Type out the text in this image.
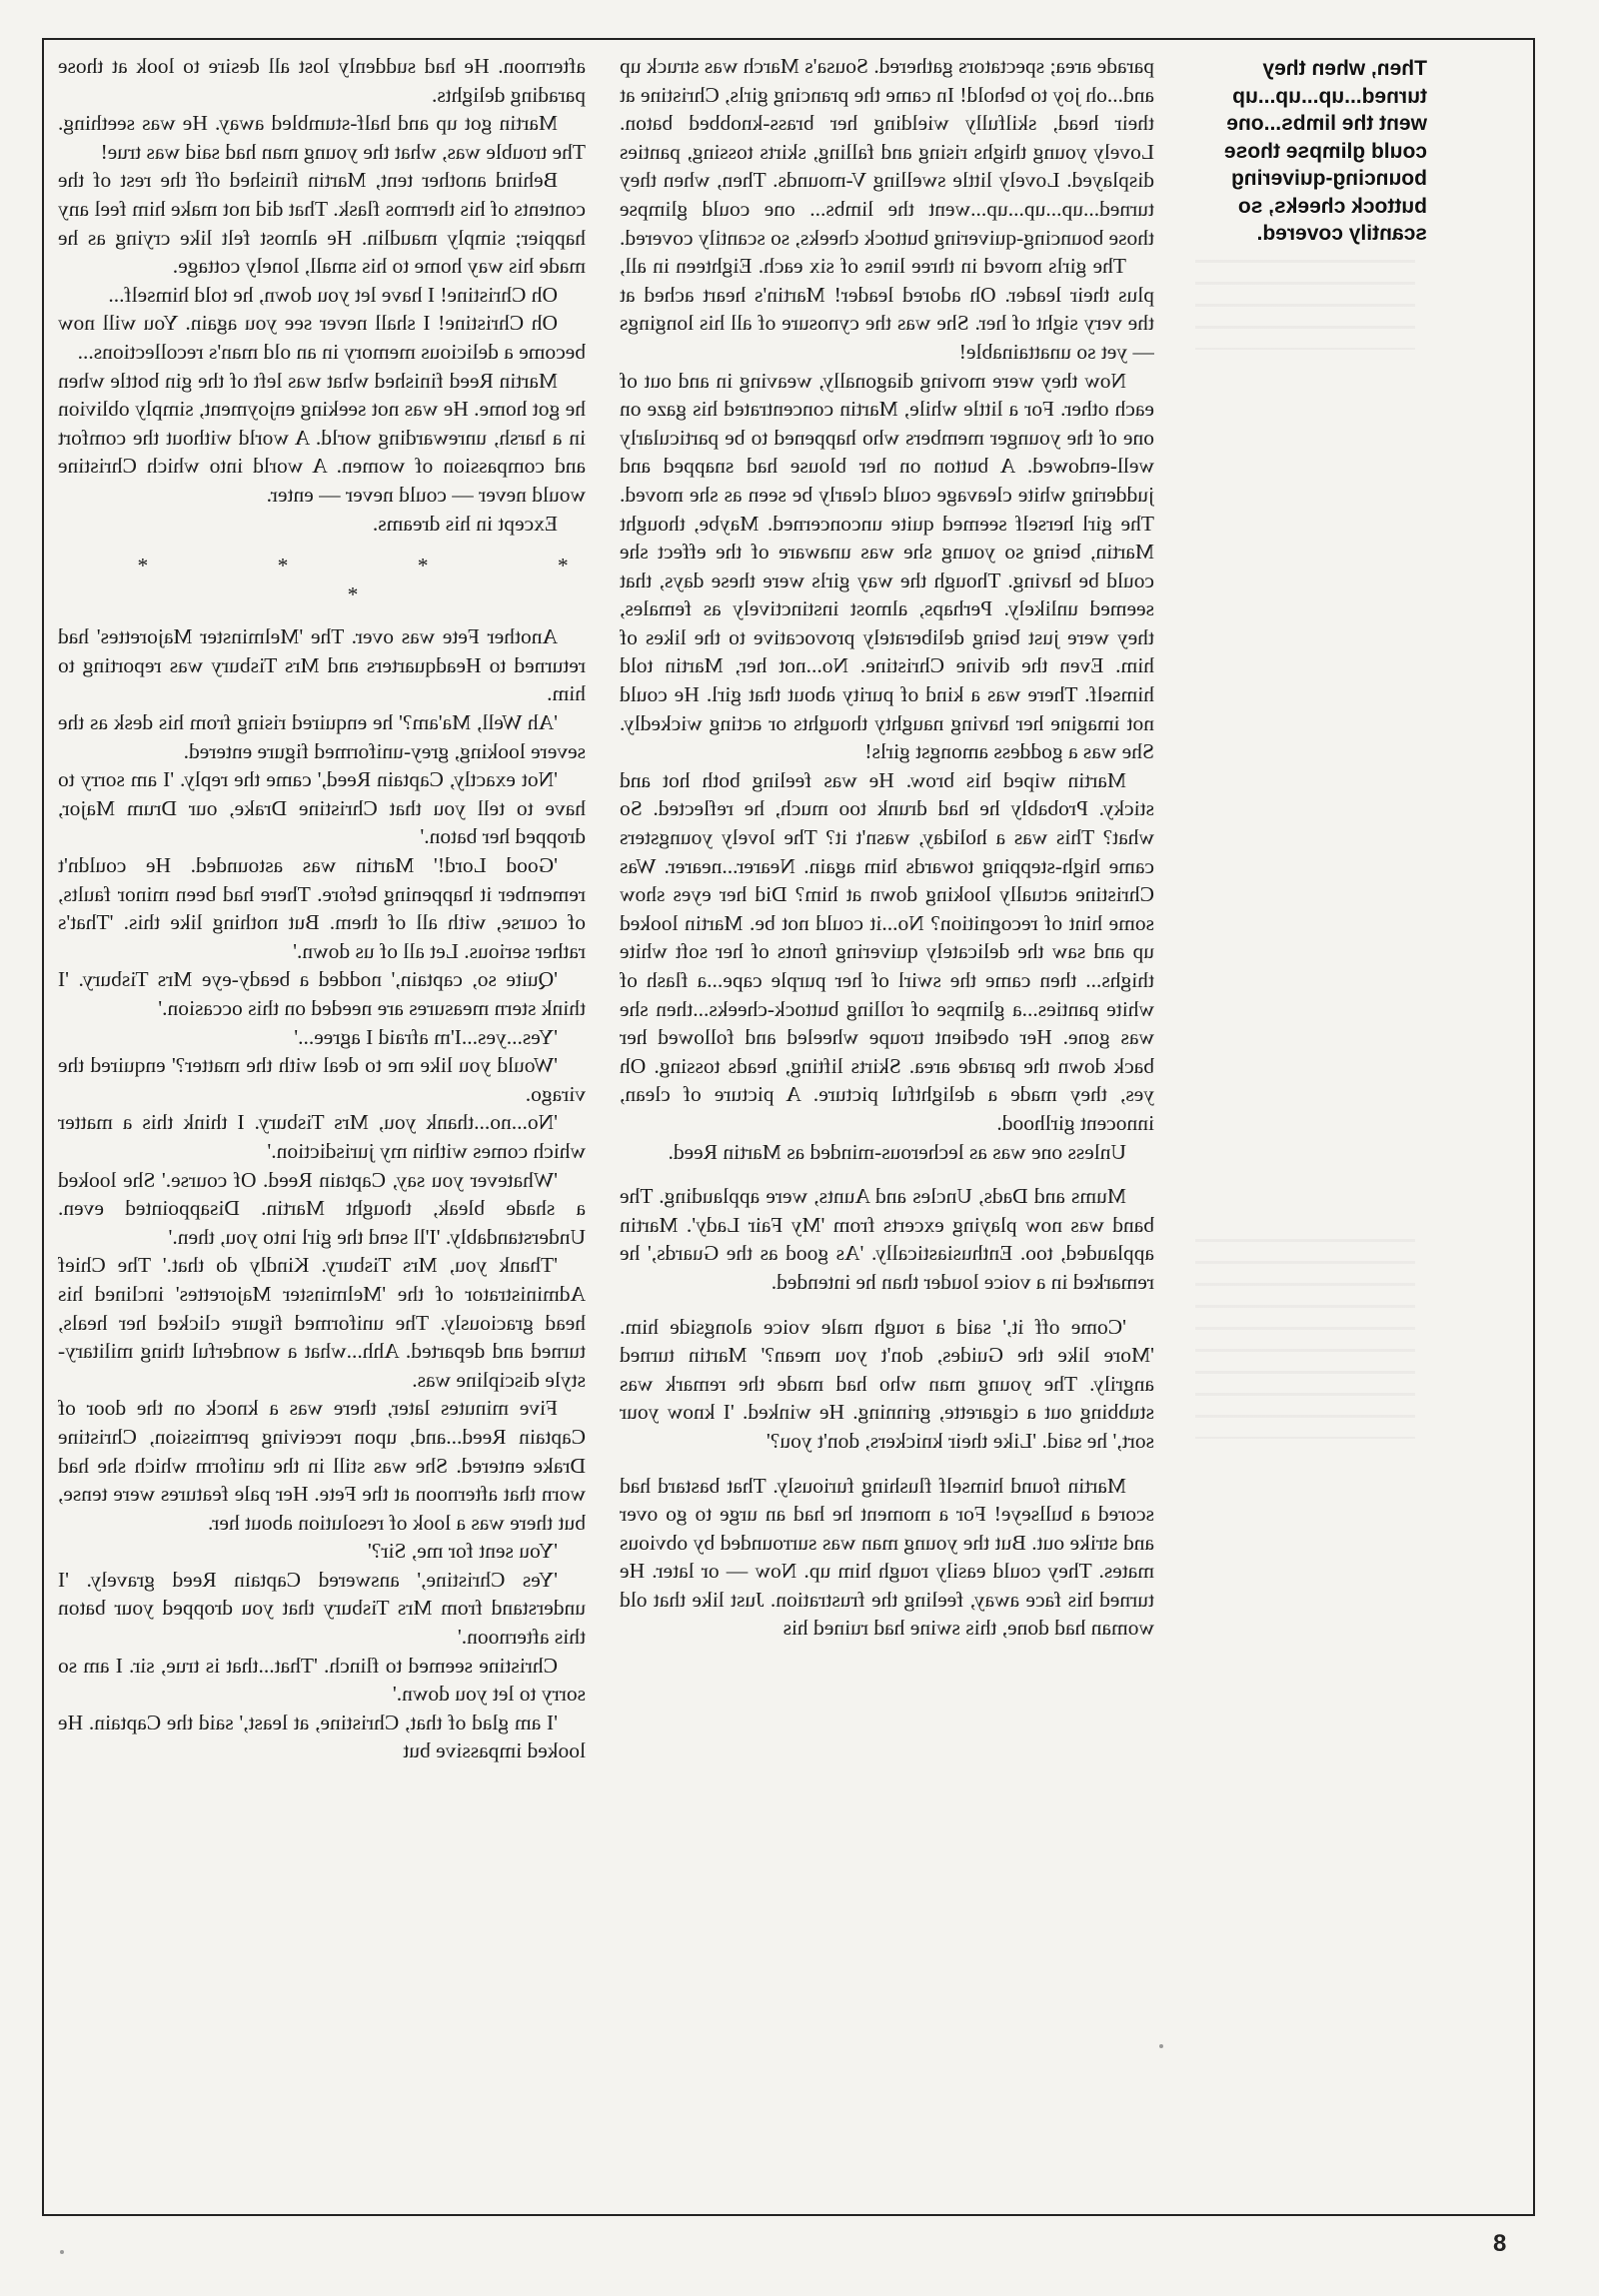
afternoon. He had suddenly lost all desire to look at those parading delights.

Martin got up and half-stumbled away. He was seething. The trouble was, what the young man had said was true!

Behind another tent, Martin finished off the rest of the contents of his thermos flask. That did not make him feel any happier; simply maudlin. He almost felt like crying as he made his way home to his small, lonely cottage.

Oh Christine! I have let you down, he told himself...

Oh Christine! I shall never see you again. You will now become a delicious memory in an old man's recollections...

Martin Reed finished what was left of the gin bottle when he got home. He was not seeking enjoyment, simply oblivion in a harsh, unrewarding world. A world without the comfort and compassion of women. A world into which Christine would never — could never — enter.

Except in his dreams.

* * * * *

Another Fete was over. The 'Melminster Majorettes' had returned to Headquarters and Mrs Tisbury was reporting to him.

'Ah Well, Ma'am?' he enquired rising from his desk as the severe looking, grey-uniformed figure entered.

'Not exactly, Captain Reed,' came the reply. 'I am sorry to have to tell you that Christine Drake, our Drum Major, dropped her baton.'

'Good Lord!' Martin was astounded. He couldn't remember it happening before. There had been minor faults, of course, with all of them. But nothing like this. 'That's rather serious. Let all of us down.'

'Quite so, captain,' nodded a beady-eye Mrs Tisbury. 'I think stern measures are needed on this occasion.'

'Yes...yes...I'm afraid I agree...'

'Would you like me to deal with the matter?' enquired the virago.

'No...no...thank you, Mrs Tisbury. I think this a matter which comes within my jurisdiction.'

'Whatever you say, Captain Reed. Of course.' She looked a shade bleak, thought Martin. Disappointed even. Understandably. 'I'll send the girl into you, then.'

'Thank you, Mrs Tisbury. Kindly do that.' The Chief Administrator of the 'Melminster Majorettes' inclined his head graciously. The uniformed figure clicked her heals, turned and departed. Ahh...what a wonderful thing military-style discipline was.

Five minutes later, there was a knock on the door of Captain Reed...and, upon receiving permission, Christine Drake entered. She was still in the uniform which she had worn that afternoon at the Fete. Her pale features were tense, but there was a look of resolution about her.

'You sent for me, Sir?'

'Yes Christine,' answered Captain Reed gravely. 'I understand from Mrs Tisbury that you dropped your baton this afternoon.'

Christine seemed to flinch. 'That...that is true, sir. I am so sorry to let you down.'

'I am glad of that, Christine, at least,' said the Captain. He looked impassive but

parade area; spectators gathered. Sousa's March was struck up and...oh joy to behold! In came the prancing girls, Christine at their head, skilfully wielding her brass-knobbed baton. Lovely young thighs rising and falling, skirts tossing, panties displayed. Lovely little swelling V-mounds. Then, when they turned...up...up...up...went the limbs... one could glimpse those bouncing-quivering buttock cheeks, so scantily covered.

The girls moved in three lines of six each. Eighteen in all, plus their leader. Oh adored leader! Martin's heart ached at the very sight of her. She was the cynosure of all his longings — yet so unattainable!

Now they were moving diagonally, weaving in and out of each other. For a little while, Martin concentrated his gaze on one of the younger members who happened to be particularly well-endowed. A button on her blouse had snapped and juddering white cleavage could clearly be seen as she moved. The girl herself seemed quite unconcerned. Maybe, thought Martin, being so young she was unaware of the effect she could be having. Though the way girls were these days, that seemed unlikely. Perhaps, almost instinctively as females, they were just being deliberately provocative to the likes of him. Even the divine Christine. No...not her, Martin told himself. There was a kind of purity about that girl. He could not imagine her having naughty thoughts or acting wickedly. She was a goddess amongst girls!

Martin wiped his brow. He was feeling both hot and sticky. Probably he had drunk too much, he reflected. So what? This was a holiday, wasn't it? The lovely youngsters came high-stepping towards him again. Nearer...nearer. Was Christine actually looking down at him? Did her eyes show some hint of recognition? No...it could not be. Martin looked up and saw the delicately quivering fronts of her soft white thighs... then came the swirl of her purple cape...a flash of white panties...a glimpse of rolling buttock-cheeks...then she was gone. Her obedient troupe wheeled and followed her back down the parade area. Skirts lifting, heads tossing. Oh yes, they made a delightful picture. A picture of clean, innocent girlhood.

Unless one was as lecherous-minded as Martin Reed.

Mums and Dads, Uncles and Aunts, were applauding. The band was now playing excerts from 'My Fair Lady'. Martin applauded, too. Enthusiastically. 'As good as the Guards,' he remarked in a voice louder than he intended.

'Come off it,' said a rough male voice alongside him. 'More like the Guides, don't you mean?' Martin turned angrily. The young man who had made the remark was stubbing out a cigarette, grinning. He winked. 'I know your sort,' he said. 'Like their knickers, don't you?'

Martin found himself flushing furiously. That bastard had scored a bullseye! For a moment he had an urge to go over and strike out. But the young man was surrounded by obvious mates. They could easily rough him up. Now — or later. He turned his face away, feeling the frustration. Just like that old woman had done, this swine had ruined his

Then, when they turned...up...up...up went the limbs...one could glimpse those bouncing-quivering buttock cheeks, so scantily covered.
8
